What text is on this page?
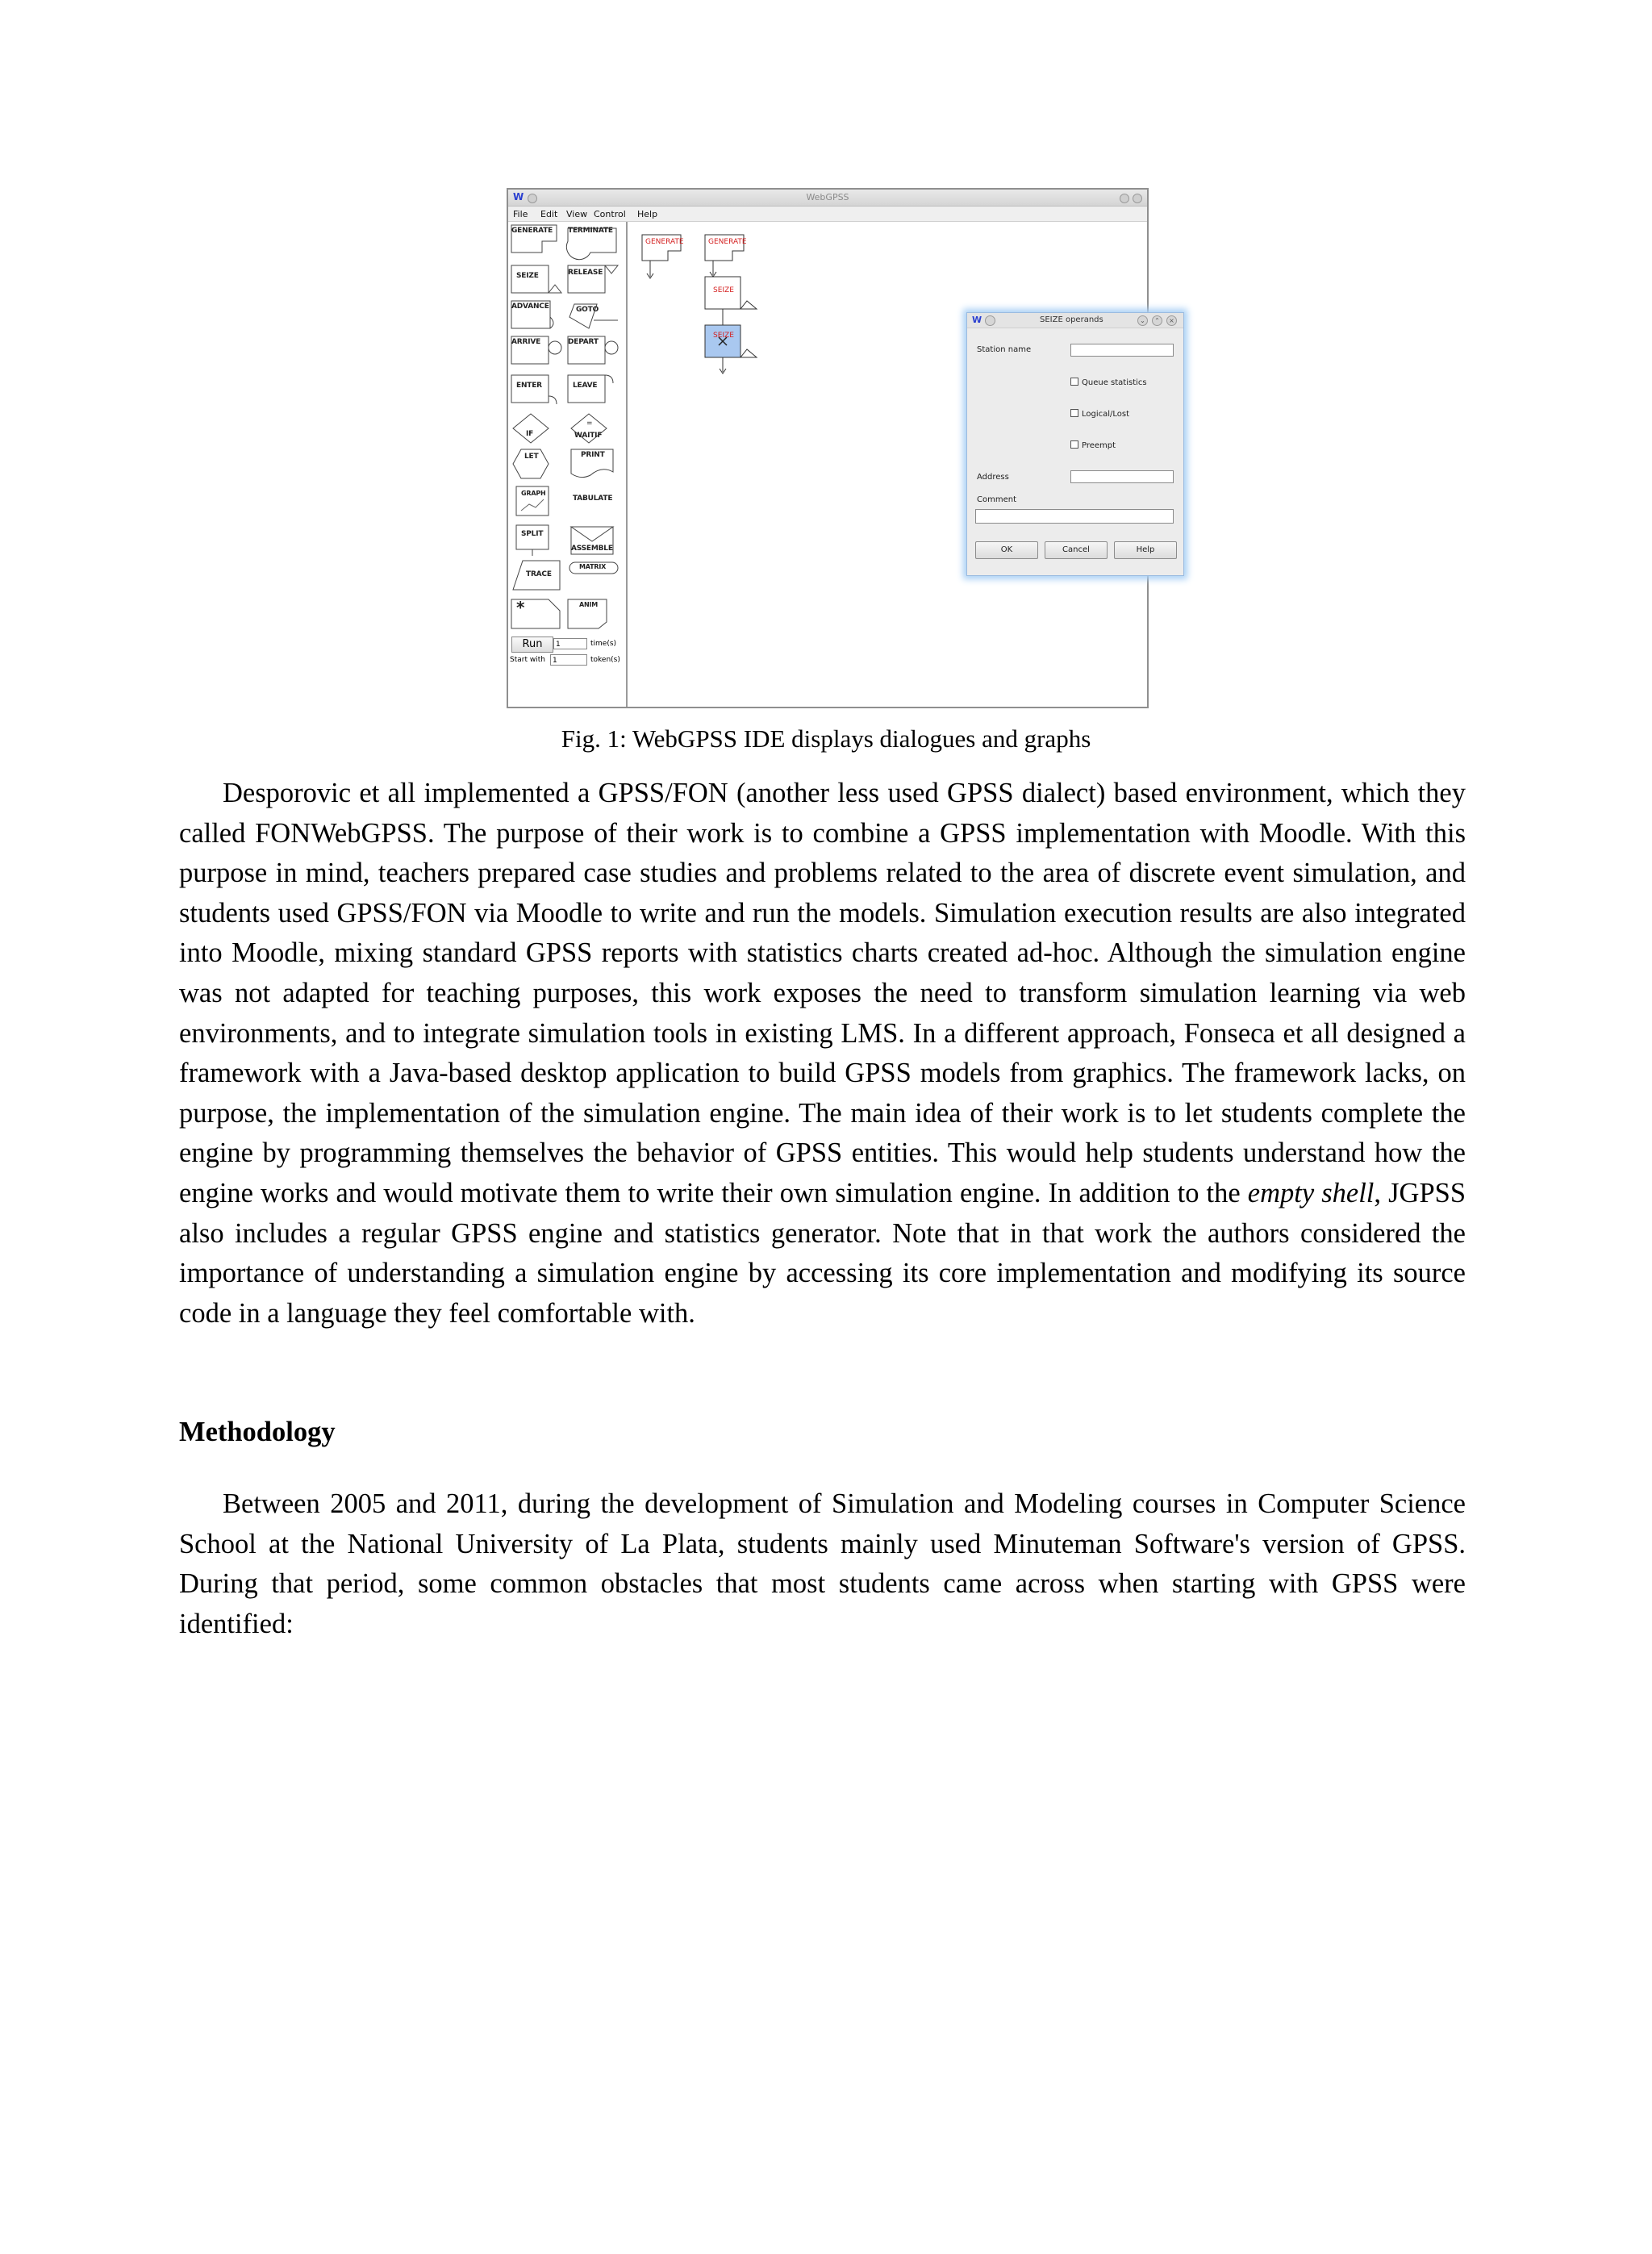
W	WebGPSS
File Edit View Control Help
GENERATE TERMINATE
SEIZE	RELEASE
ADVANCE	GOTO
ARRIVE	DEPART
ENTER	LEAVE
IF
=
WAITIF
LET	PRINT
GRAPH
TABULATE
SPLIT
ASSEMBLE
TRACE
MATRIX
*	ANIM
Run	1	time(s)
Start with	1	token(s)
GENERATE	GENERATE
SEIZE
SEIZE
W	SEIZE operands	⌄	⌃	×
Station name
Queue statistics
Logical/Lost
Preempt
Address
Comment
OK	Cancel	Help
Fig. 1: WebGPSS IDE displays dialogues and graphs

Desporovic et all implemented a GPSS/FON (another less used GPSS dialect) based environment, which they called FONWebGPSS. The purpose of their work is to combine a GPSS implementation with Moodle. With this purpose in mind, teachers prepared case studies and problems related to the area of discrete event simulation, and students used GPSS/FON via Moodle to write and run the models. Simulation execution results are also integrated into Moodle, mixing standard GPSS reports with statistics charts created ad-hoc. Although the simulation engine was not adapted for teaching purposes, this work exposes the need to transform simulation learning via web environments, and to integrate simulation tools in existing LMS. In a different approach, Fonseca et all designed a framework with a Java-based desktop application to build GPSS models from graphics. The framework lacks, on purpose, the implementation of the simulation engine. The main idea of their work is to let students complete the engine by programming themselves the behavior of GPSS entities. This would help students understand how the engine works and would motivate them to write their own simulation engine. In addition to the empty shell, JGPSS also includes a regular GPSS engine and statistics generator. Note that in that work the authors considered the importance of understanding a simulation engine by accessing its core implementation and modifying its source code in a language they feel comfortable with.

Methodology

Between 2005 and 2011, during the development of Simulation and Modeling courses in Computer Science School at the National University of La Plata, students mainly used Minuteman Software's version of GPSS. During that period, some common obstacles that most students came across when starting with GPSS were identified:
